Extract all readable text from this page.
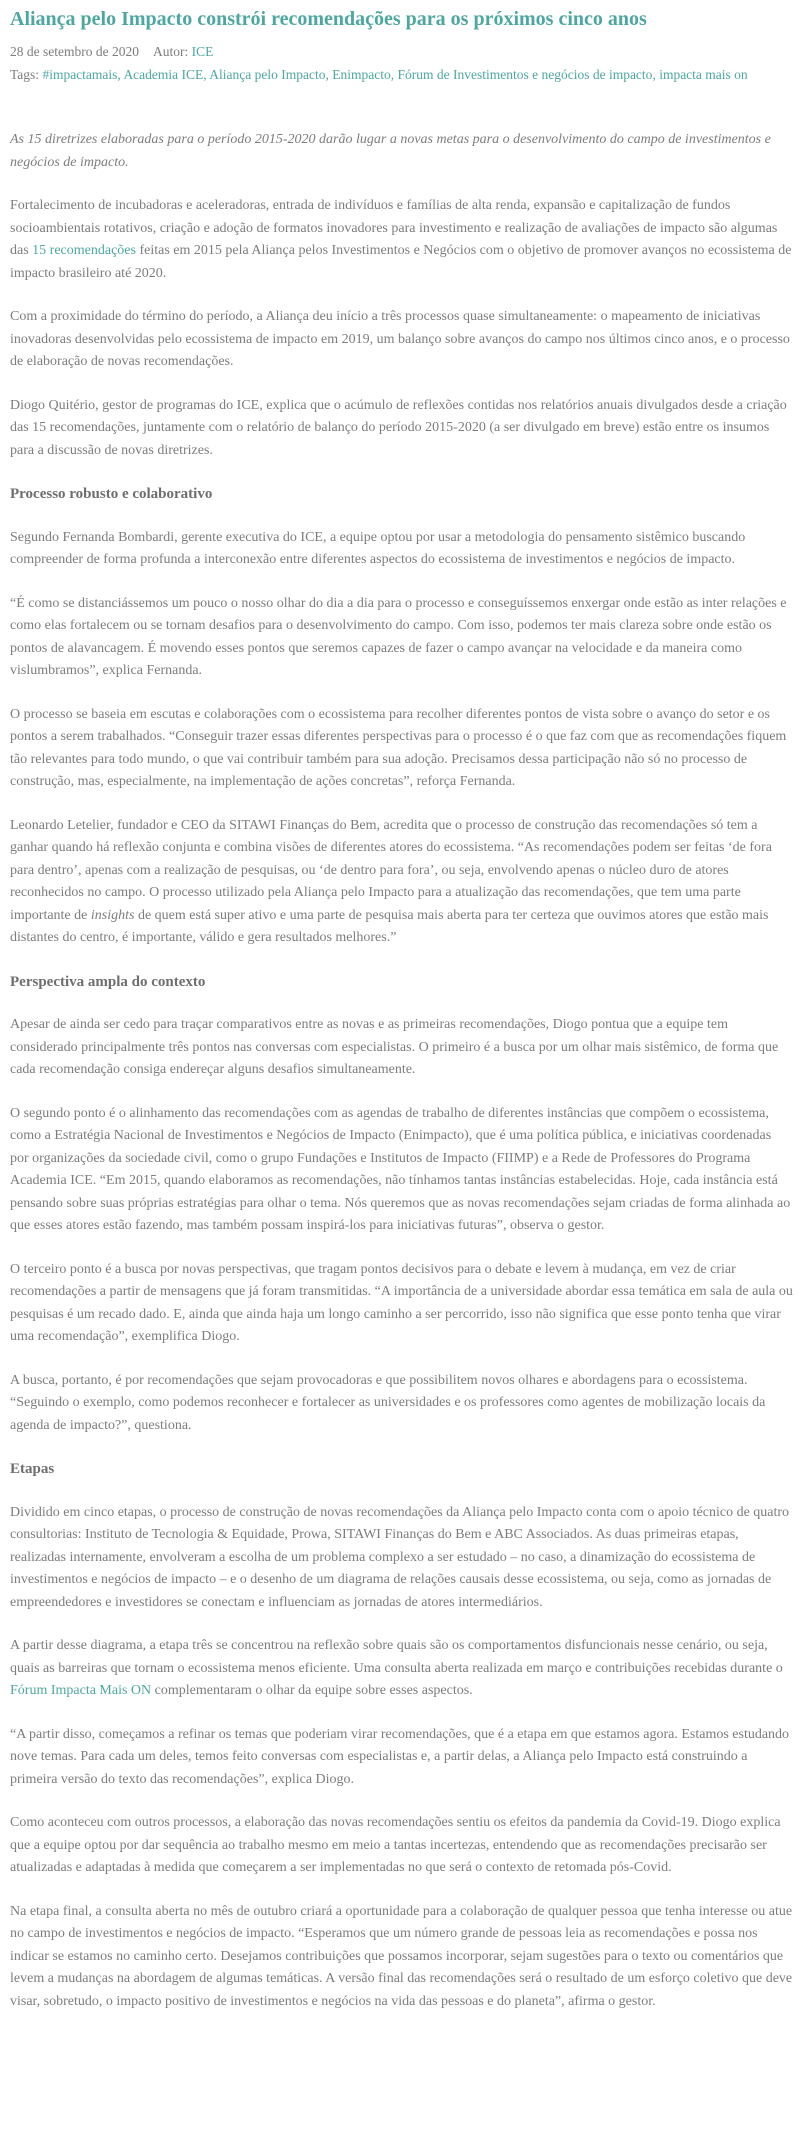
Aliança pelo Impacto constrói recomendações para os próximos cinco anos
28 de setembro de 2020 Autor: ICE
Tags: #impactamais, Academia ICE, Aliança pelo Impacto, Enimpacto, Fórum de Investimentos e negócios de impacto, impacta mais on

As 15 diretrizes elaboradas para o período 2015-2020 darão lugar a novas metas para o desenvolvimento do campo de investimentos e negócios de impacto.

Fortalecimento de incubadoras e aceleradoras, entrada de indivíduos e famílias de alta renda, expansão e capitalização de fundos socioambientais rotativos, criação e adoção de formatos inovadores para investimento e realização de avaliações de impacto são algumas das 15 recomendações feitas em 2015 pela Aliança pelos Investimentos e Negócios com o objetivo de promover avanços no ecossistema de impacto brasileiro até 2020.

Com a proximidade do término do período, a Aliança deu início a três processos quase simultaneamente: o mapeamento de iniciativas inovadoras desenvolvidas pelo ecossistema de impacto em 2019, um balanço sobre avanços do campo nos últimos cinco anos, e o processo de elaboração de novas recomendações.

Diogo Quitério, gestor de programas do ICE, explica que o acúmulo de reflexões contidas nos relatórios anuais divulgados desde a criação das 15 recomendações, juntamente com o relatório de balanço do período 2015-2020 (a ser divulgado em breve) estão entre os insumos para a discussão de novas diretrizes.

Processo robusto e colaborativo

Segundo Fernanda Bombardi, gerente executiva do ICE, a equipe optou por usar a metodologia do pensamento sistêmico buscando compreender de forma profunda a interconexão entre diferentes aspectos do ecossistema de investimentos e negócios de impacto.

“É como se distanciássemos um pouco o nosso olhar do dia a dia para o processo e conseguíssemos enxergar onde estão as inter relações e como elas fortalecem ou se tornam desafios para o desenvolvimento do campo. Com isso, podemos ter mais clareza sobre onde estão os pontos de alavancagem. É movendo esses pontos que seremos capazes de fazer o campo avançar na velocidade e da maneira como vislumbramos”, explica Fernanda.

O processo se baseia em escutas e colaborações com o ecossistema para recolher diferentes pontos de vista sobre o avanço do setor e os pontos a serem trabalhados. “Conseguir trazer essas diferentes perspectivas para o processo é o que faz com que as recomendações fiquem tão relevantes para todo mundo, o que vai contribuir também para sua adoção. Precisamos dessa participação não só no processo de construção, mas, especialmente, na implementação de ações concretas”, reforça Fernanda.

Leonardo Letelier, fundador e CEO da SITAWI Finanças do Bem, acredita que o processo de construção das recomendações só tem a ganhar quando há reflexão conjunta e combina visões de diferentes atores do ecossistema. “As recomendações podem ser feitas ‘de fora para dentro’, apenas com a realização de pesquisas, ou ‘de dentro para fora’, ou seja, envolvendo apenas o núcleo duro de atores reconhecidos no campo. O processo utilizado pela Aliança pelo Impacto para a atualização das recomendações, que tem uma parte importante de insights de quem está super ativo e uma parte de pesquisa mais aberta para ter certeza que ouvimos atores que estão mais distantes do centro, é importante, válido e gera resultados melhores.”

Perspectiva ampla do contexto

Apesar de ainda ser cedo para traçar comparativos entre as novas e as primeiras recomendações, Diogo pontua que a equipe tem considerado principalmente três pontos nas conversas com especialistas. O primeiro é a busca por um olhar mais sistêmico, de forma que cada recomendação consiga endereçar alguns desafios simultaneamente.

O segundo ponto é o alinhamento das recomendações com as agendas de trabalho de diferentes instâncias que compõem o ecossistema, como a Estratégia Nacional de Investimentos e Negócios de Impacto (Enimpacto), que é uma política pública, e iniciativas coordenadas por organizações da sociedade civil, como o grupo Fundações e Institutos de Impacto (FIIMP) e a Rede de Professores do Programa Academia ICE. “Em 2015, quando elaboramos as recomendações, não tínhamos tantas instâncias estabelecidas. Hoje, cada instância está pensando sobre suas próprias estratégias para olhar o tema. Nós queremos que as novas recomendações sejam criadas de forma alinhada ao que esses atores estão fazendo, mas também possam inspirá-los para iniciativas futuras”, observa o gestor.

O terceiro ponto é a busca por novas perspectivas, que tragam pontos decisivos para o debate e levem à mudança, em vez de criar recomendações a partir de mensagens que já foram transmitidas. “A importância de a universidade abordar essa temática em sala de aula ou pesquisas é um recado dado. E, ainda que ainda haja um longo caminho a ser percorrido, isso não significa que esse ponto tenha que virar uma recomendação”, exemplifica Diogo.

A busca, portanto, é por recomendações que sejam provocadoras e que possibilitem novos olhares e abordagens para o ecossistema. “Seguindo o exemplo, como podemos reconhecer e fortalecer as universidades e os professores como agentes de mobilização locais da agenda de impacto?”, questiona.

Etapas

Dividido em cinco etapas, o processo de construção de novas recomendações da Aliança pelo Impacto conta com o apoio técnico de quatro consultorias: Instituto de Tecnologia & Equidade, Prowa, SITAWI Finanças do Bem e ABC Associados. As duas primeiras etapas, realizadas internamente, envolveram a escolha de um problema complexo a ser estudado – no caso, a dinamização do ecossistema de investimentos e negócios de impacto – e o desenho de um diagrama de relações causais desse ecossistema, ou seja, como as jornadas de empreendedores e investidores se conectam e influenciam as jornadas de atores intermediários.

A partir desse diagrama, a etapa três se concentrou na reflexão sobre quais são os comportamentos disfuncionais nesse cenário, ou seja, quais as barreiras que tornam o ecossistema menos eficiente. Uma consulta aberta realizada em março e contribuições recebidas durante o Fórum Impacta Mais ON complementaram o olhar da equipe sobre esses aspectos.

“A partir disso, começamos a refinar os temas que poderiam virar recomendações, que é a etapa em que estamos agora. Estamos estudando nove temas. Para cada um deles, temos feito conversas com especialistas e, a partir delas, a Aliança pelo Impacto está construindo a primeira versão do texto das recomendações”, explica Diogo.

Como aconteceu com outros processos, a elaboração das novas recomendações sentiu os efeitos da pandemia da Covid-19. Diogo explica que a equipe optou por dar sequência ao trabalho mesmo em meio a tantas incertezas, entendendo que as recomendações precisarão ser atualizadas e adaptadas à medida que começarem a ser implementadas no que será o contexto de retomada pós-Covid.

Na etapa final, a consulta aberta no mês de outubro criará a oportunidade para a colaboração de qualquer pessoa que tenha interesse ou atue no campo de investimentos e negócios de impacto. “Esperamos que um número grande de pessoas leia as recomendações e possa nos indicar se estamos no caminho certo. Desejamos contribuições que possamos incorporar, sejam sugestões para o texto ou comentários que levem a mudanças na abordagem de algumas temáticas. A versão final das recomendações será o resultado de um esforço coletivo que deve visar, sobretudo, o impacto positivo de investimentos e negócios na vida das pessoas e do planeta”, afirma o gestor.
